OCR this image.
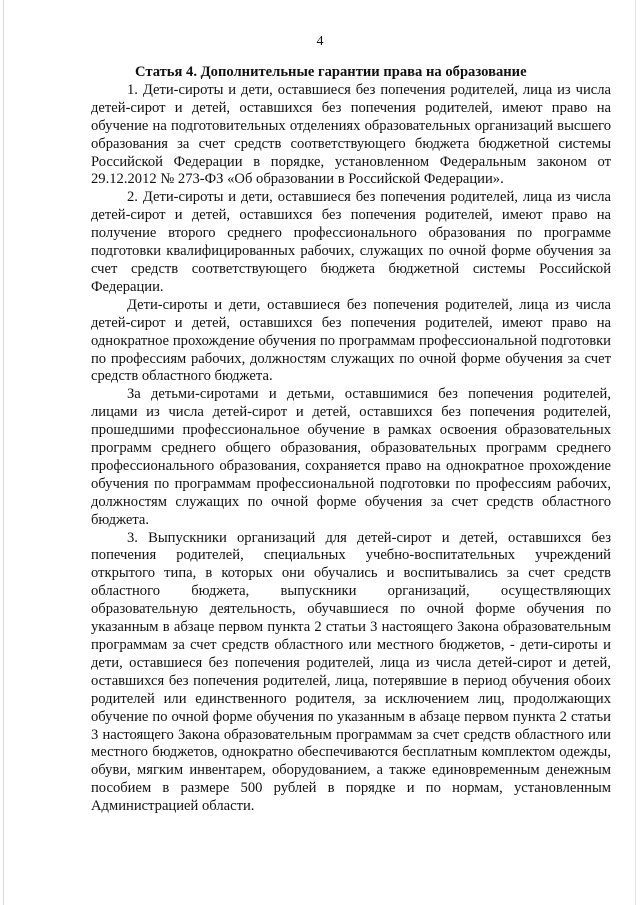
4

Статья 4. Дополнительные гарантии права на образование

1. Дети-сироты и дети, оставшиеся без попечения родителей, лица из числа детей-сирот и детей, оставшихся без попечения родителей, имеют право на обучение на подготовительных отделениях образовательных организаций высшего образования за счет средств соответствующего бюджета бюджетной системы Российской Федерации в порядке, установленном Федеральным законом от 29.12.2012 № 273-ФЗ «Об образовании в Российской Федерации».

2. Дети-сироты и дети, оставшиеся без попечения родителей, лица из числа детей-сирот и детей, оставшихся без попечения родителей, имеют право на получение второго среднего профессионального образования по программе подготовки квалифицированных рабочих, служащих по очной форме обучения за счет средств соответствующего бюджета бюджетной системы Российской Федерации.

Дети-сироты и дети, оставшиеся без попечения родителей, лица из числа детей-сирот и детей, оставшихся без попечения родителей, имеют право на однократное прохождение обучения по программам профессиональной подготовки по профессиям рабочих, должностям служащих по очной форме обучения за счет средств областного бюджета.

За детьми-сиротами и детьми, оставшимися без попечения родителей, лицами из числа детей-сирот и детей, оставшихся без попечения родителей, прошедшими профессиональное обучение в рамках освоения образовательных программ среднего общего образования, образовательных программ среднего профессионального образования, сохраняется право на однократное прохождение обучения по программам профессиональной подготовки по профессиям рабочих, должностям служащих по очной форме обучения за счет средств областного бюджета.

3. Выпускники организаций для детей-сирот и детей, оставшихся без попечения родителей, специальных учебно-воспитательных учреждений открытого типа, в которых они обучались и воспитывались за счет средств областного бюджета, выпускники организаций, осуществляющих образовательную деятельность, обучавшиеся по очной форме обучения по указанным в абзаце первом пункта 2 статьи 3 настоящего Закона образовательным программам за счет средств областного или местного бюджетов, - дети-сироты и дети, оставшиеся без попечения родителей, лица из числа детей-сирот и детей, оставшихся без попечения родителей, лица, потерявшие в период обучения обоих родителей или единственного родителя, за исключением лиц, продолжающих обучение по очной форме обучения по указанным в абзаце первом пункта 2 статьи 3 настоящего Закона образовательным программам за счет средств областного или местного бюджетов, однократно обеспечиваются бесплатным комплектом одежды, обуви, мягким инвентарем, оборудованием, а также единовременным денежным пособием в размере 500 рублей в порядке и по нормам, установленным Администрацией области.
